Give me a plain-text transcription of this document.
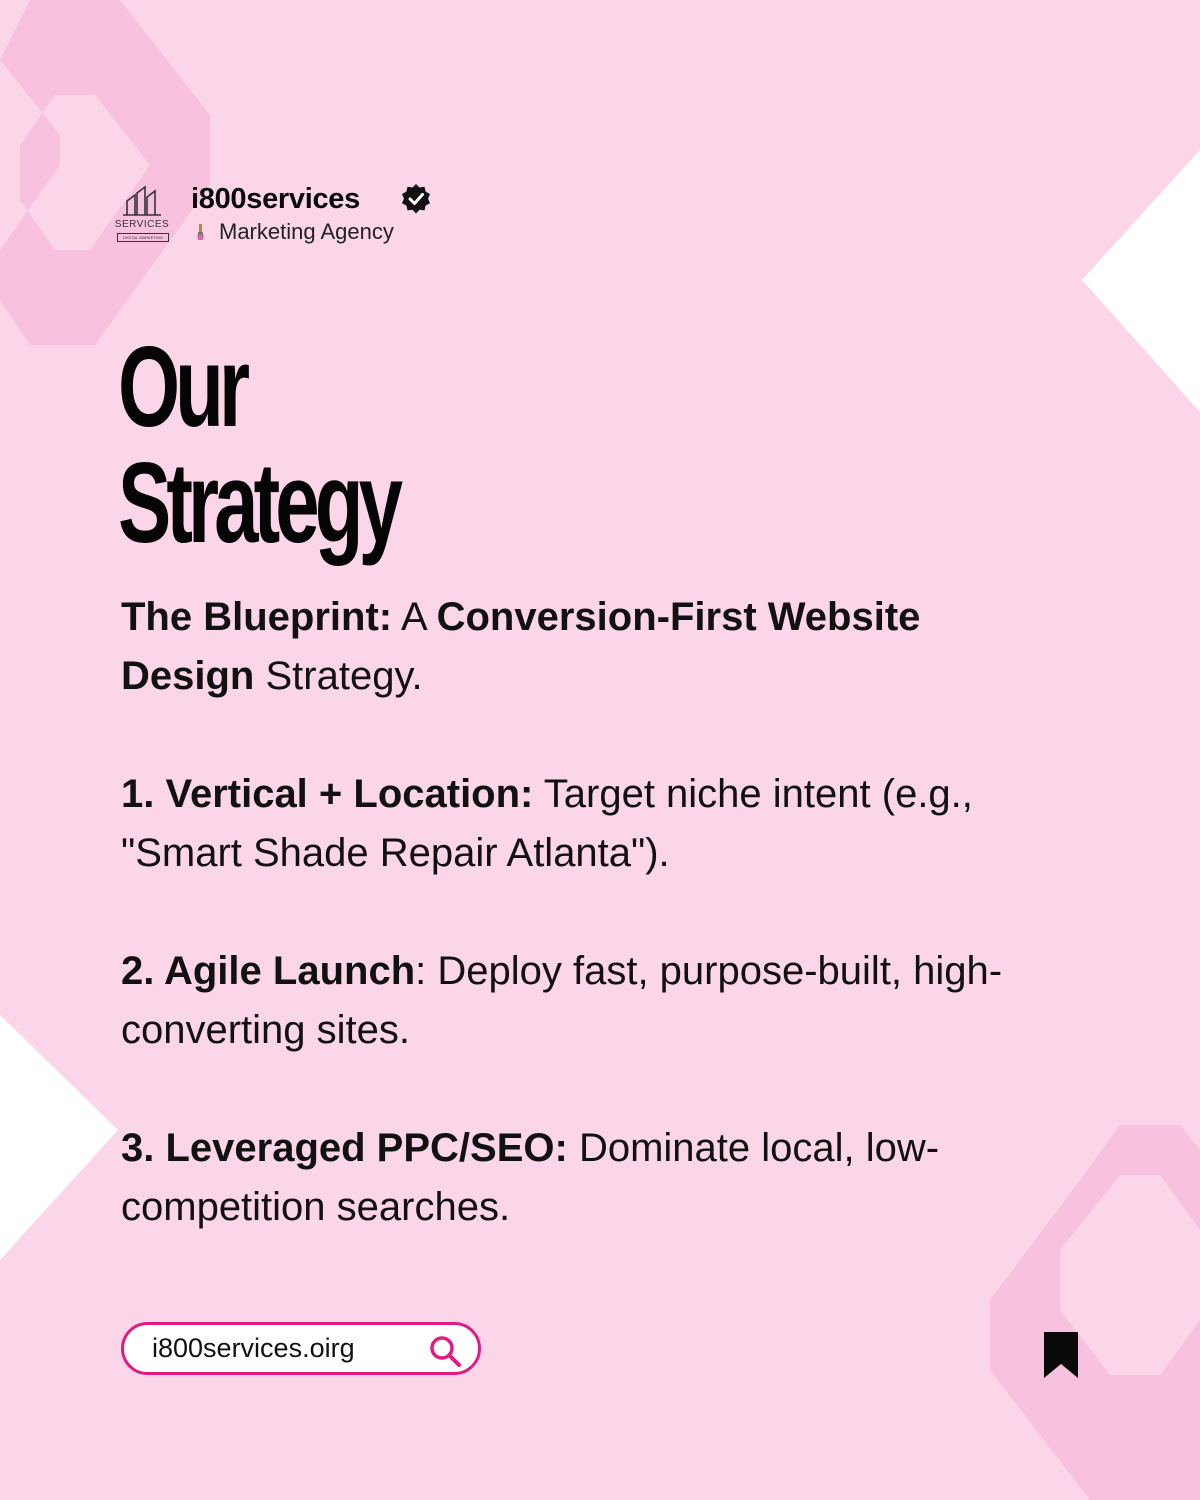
SERVICES
DIGITAL MARKETING
i800services
Marketing Agency
Our
Strategy

The Blueprint: A Conversion-First Website Design Strategy.

1. Vertical + Location: Target niche intent (e.g., "Smart Shade Repair Atlanta").

2. Agile Launch: Deploy fast, purpose-built, high-converting sites.

3. Leveraged PPC/SEO: Dominate local, low-competition searches.

i800services.oirg
